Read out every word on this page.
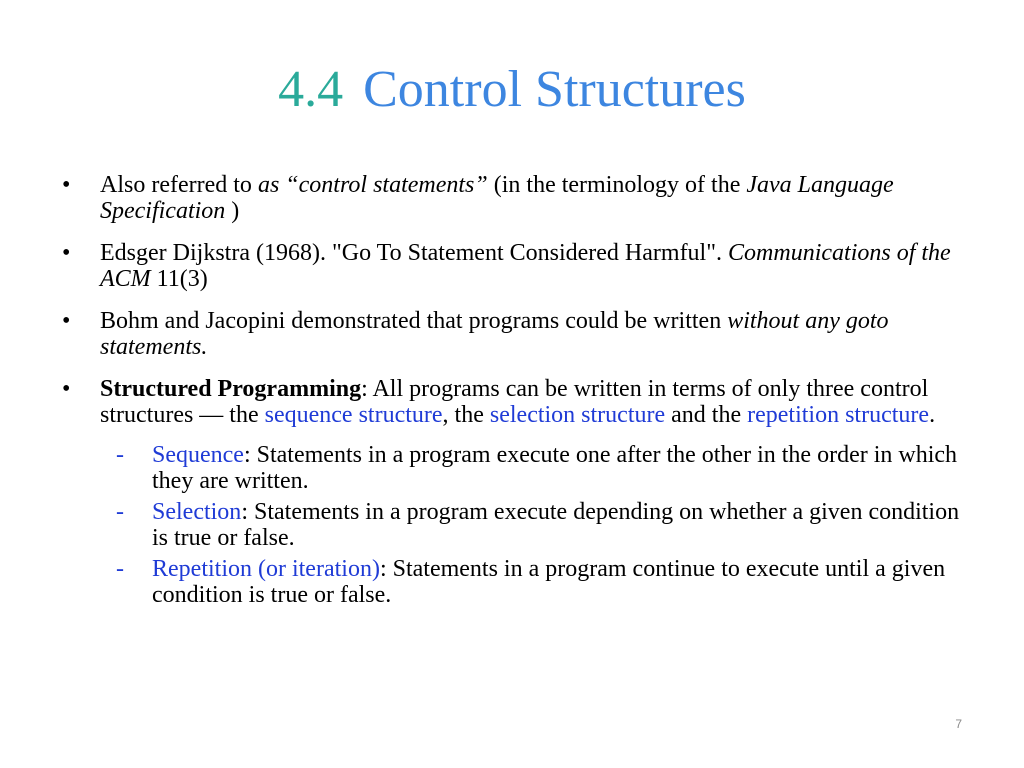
4.4 Control Structures
•	Also referred to as “control statements” (in the terminology of the Java Language Specification )
•	Edsger Dijkstra (1968). "Go To Statement Considered Harmful". Communications of the ACM 11(3)
•	Bohm and Jacopini demonstrated that programs could be written without any goto statements.
•	Structured Programming: All programs can be written in terms of only three control structures — the sequence structure, the selection structure and the repetition structure.
- Sequence: Statements in a program execute one after the other in the order in which they are written.
- Selection: Statements in a program execute depending on whether a given condition is true or false.
- Repetition (or iteration): Statements in a program continue to execute until a given condition is true or false.
7
